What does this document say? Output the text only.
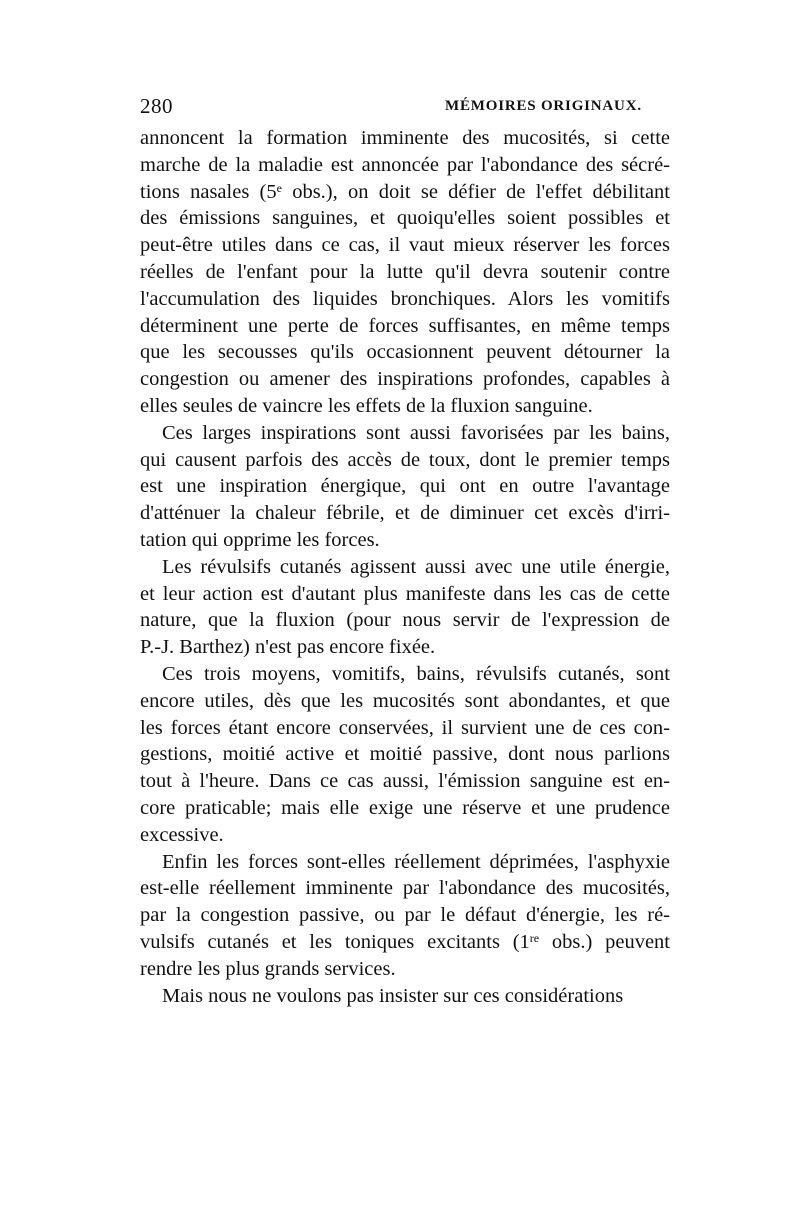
280	MÉMOIRES ORIGINAUX.
annoncent la formation imminente des mucosités, si cette
marche de la maladie est annoncée par l'abondance des sécré-
tions nasales (5e obs.), on doit se défier de l'effet débilitant
des émissions sanguines, et quoiqu'elles soient possibles et
peut-être utiles dans ce cas, il vaut mieux réserver les forces
réelles de l'enfant pour la lutte qu'il devra soutenir contre
l'accumulation des liquides bronchiques. Alors les vomitifs
déterminent une perte de forces suffisantes, en même temps
que les secousses qu'ils occasionnent peuvent détourner la
congestion ou amener des inspirations profondes, capables à
elles seules de vaincre les effets de la fluxion sanguine.
Ces larges inspirations sont aussi favorisées par les bains,
qui causent parfois des accès de toux, dont le premier temps
est une inspiration énergique, qui ont en outre l'avantage
d'atténuer la chaleur fébrile, et de diminuer cet excès d'irri-
tation qui opprime les forces.
Les révulsifs cutanés agissent aussi avec une utile énergie,
et leur action est d'autant plus manifeste dans les cas de cette
nature, que la fluxion (pour nous servir de l'expression de
P.-J. Barthez) n'est pas encore fixée.
Ces trois moyens, vomitifs, bains, révulsifs cutanés, sont
encore utiles, dès que les mucosités sont abondantes, et que
les forces étant encore conservées, il survient une de ces con-
gestions, moitié active et moitié passive, dont nous parlions
tout à l'heure. Dans ce cas aussi, l'émission sanguine est en-
core praticable; mais elle exige une réserve et une prudence
excessive.
Enfin les forces sont-elles réellement déprimées, l'asphyxie
est-elle réellement imminente par l'abondance des mucosités,
par la congestion passive, ou par le défaut d'énergie, les ré-
vulsifs cutanés et les toniques excitants (1re obs.) peuvent
rendre les plus grands services.
Mais nous ne voulons pas insister sur ces considérations
